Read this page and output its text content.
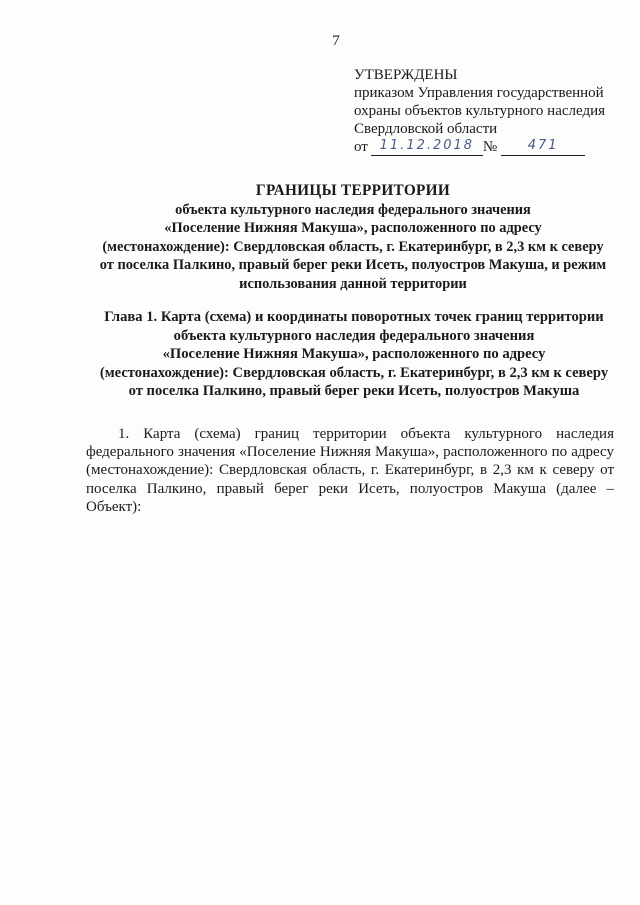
7
УТВЕРЖДЕНЫ
приказом Управления государственной
охраны объектов культурного наследия
Свердловской области
от 11.12.2018 №	471
ГРАНИЦЫ ТЕРРИТОРИИ
объекта культурного наследия федерального значения
«Поселение Нижняя Макуша», расположенного по адресу
(местонахождение): Свердловская область, г. Екатеринбург, в 2,3 км к северу
от поселка Палкино, правый берег реки Исеть, полуостров Макуша, и режим
использования данной территории
Глава 1. Карта (схема) и координаты поворотных точек границ территории
объекта культурного наследия федерального значения
«Поселение Нижняя Макуша», расположенного по адресу
(местонахождение): Свердловская область, г. Екатеринбург, в 2,3 км к северу
от поселка Палкино, правый берег реки Исеть, полуостров Макуша

1. Карта (схема) границ территории объекта культурного наследия федерального значения «Поселение Нижняя Макуша», расположенного по адресу (местонахождение): Свердловская область, г. Екатеринбург, в 2,3 км к северу от поселка Палкино, правый берег реки Исеть, полуостров Макуша (далее – Объект):
